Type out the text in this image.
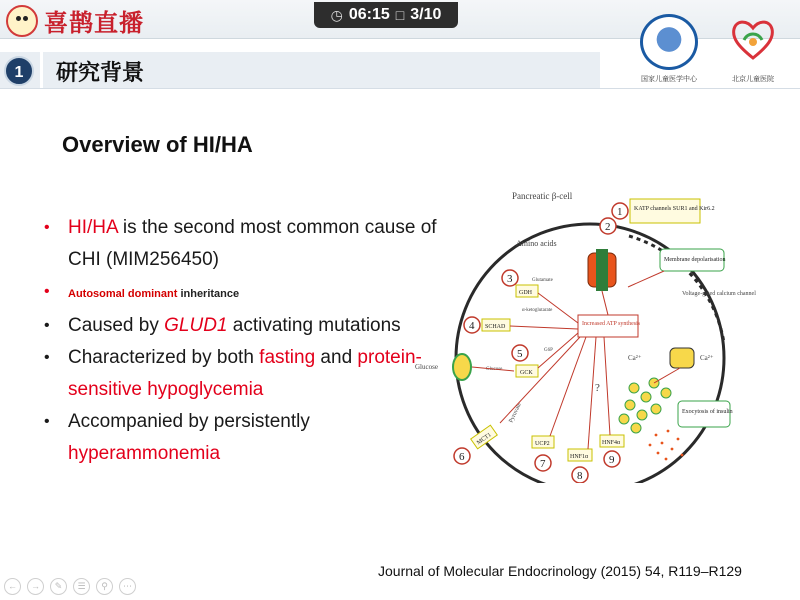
喜鹊直播	◷ 06:15 □ 3/10
国家儿童医学中心	北京儿童医院
1	研究背景
Overview of HI/HA
• HI/HA is the second most common cause of CHI (MIM256450)
• Autosomal dominant inheritance
• Caused by GLUD1 activating mutations
• Characterized by both fasting and protein-sensitive hypoglycemia
• Accompanied by persistently hyperammonemia
Pancreatic β-cell
KATP channels SUR1 and Kir6.2
1
2
Amino acids
3
GDH
Glutamate
α-ketoglutarate
Increased ATP synthesis
Membrane depolarisation
Voltage-gated calcium channel
4 SCHAD
Glucose	Glucose
5
GCK
G6P
Ca²⁺	Ca²⁺
Pyruvate
MCT1
6
UCP2
7
HNF1α
8
HNF4α
9
?
Exocytosis of insulin
Journal of Molecular Endocrinology (2015) 54, R119–R129
←	→	✎	☰	⚲	⋯
